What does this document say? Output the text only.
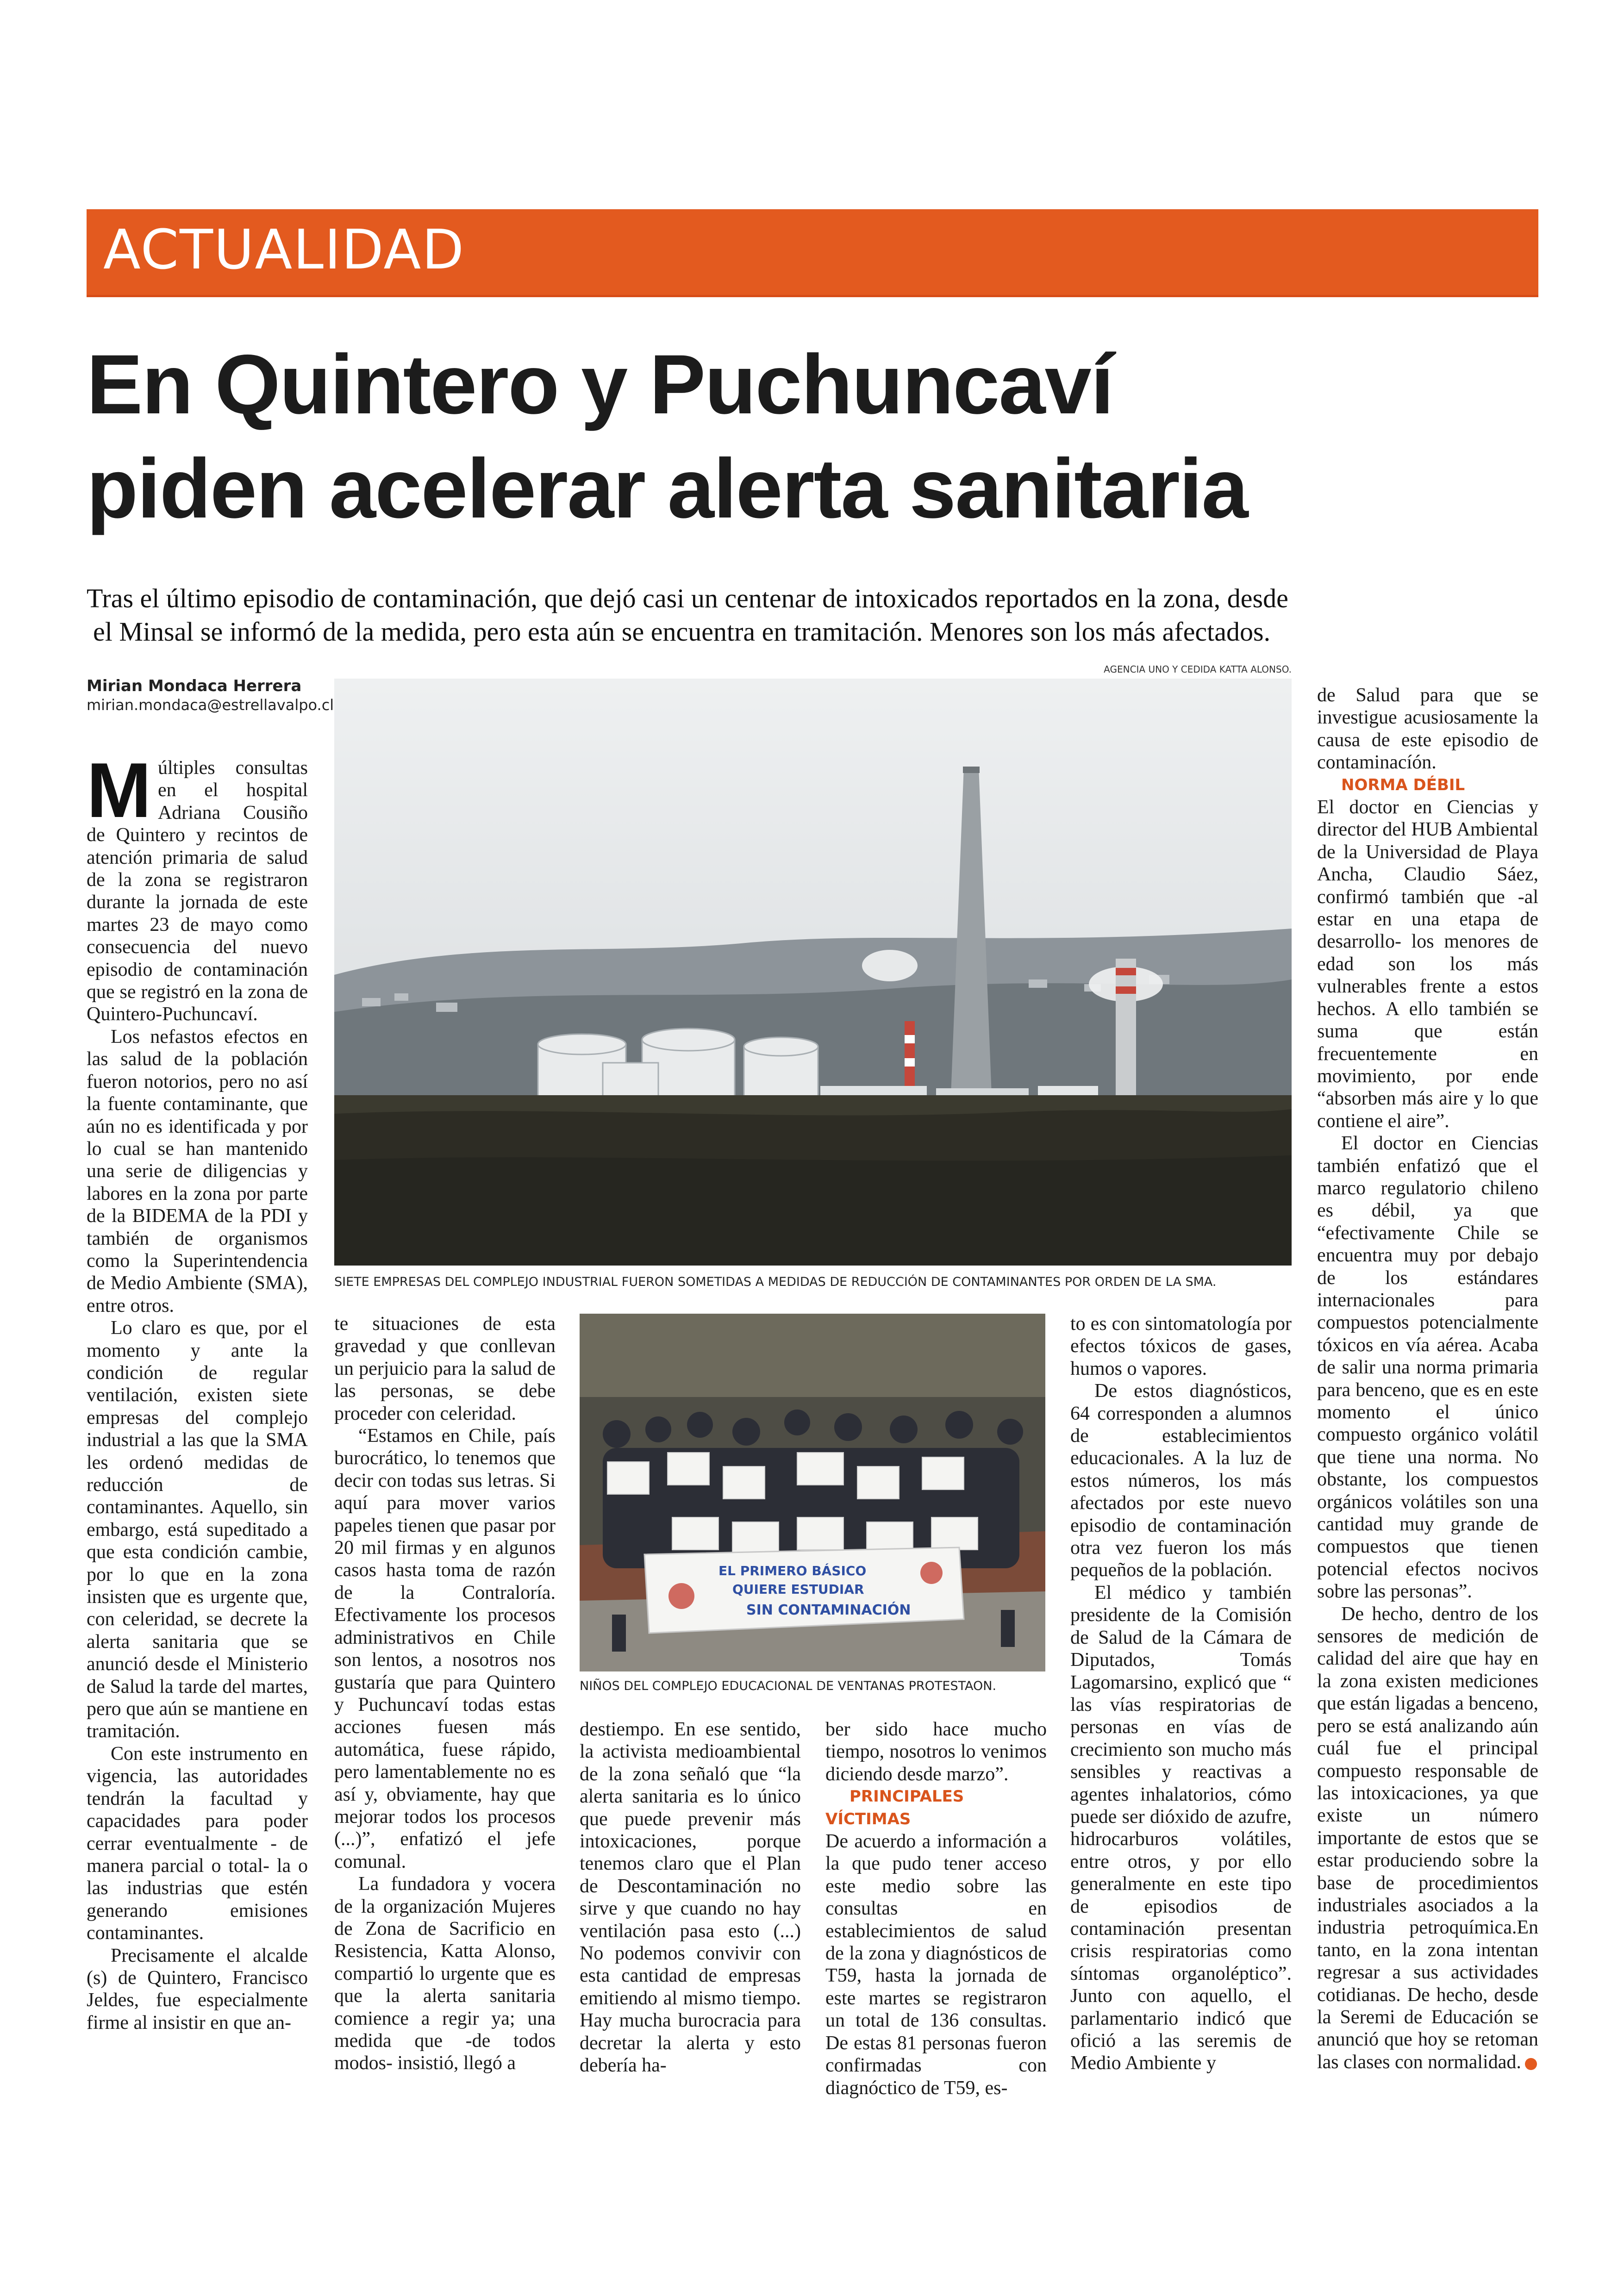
ACTUALIDAD
En Quintero y Puchuncaví
piden acelerar alerta sanitaria

Tras el último episodio de contaminación, que dejó casi un centenar de intoxicados reportados en la zona, desde
el Minsal se informó de la medida, pero esta aún se encuentra en tramitación. Menores son los más afectados.

Mirian Mondaca Herrera
mirian.mondaca@estrellavalpo.cl
AGENCIA UNO Y CEDIDA KATTA ALONSO.
SIETE EMPRESAS DEL COMPLEJO INDUSTRIAL FUERON SOMETIDAS A MEDIDAS DE REDUCCIÓN DE CONTAMINANTES POR ORDEN DE LA SMA.
EL PRIMERO BÁSICO
QUIERE ESTUDIAR
SIN CONTAMINACIÓN
NIÑOS DEL COMPLEJO EDUCACIONAL DE VENTANAS PROTESTAON.

Múltiples consultas en el hospital Adriana Cousiño de Quintero y recintos de atención primaria de salud de la zona se registraron durante la jornada de este martes 23 de mayo como consecuencia del nuevo episodio de contaminación que se registró en la zona de Quintero-Puchuncaví.

Los nefastos efectos en las salud de la población fueron notorios, pero no así la fuente contaminante, que aún no es identificada y por lo cual se han mantenido una serie de diligencias y labores en la zona por parte de la BIDEMA de la PDI y también de organismos como la Superintendencia de Medio Ambiente (SMA), entre otros.

Lo claro es que, por el momento y ante la condición de regular ventilación, existen siete empresas del complejo industrial a las que la SMA les ordenó medidas de reducción de contaminantes. Aquello, sin embargo, está supeditado a que esta condición cambie, por lo que en la zona insisten que es urgente que, con celeridad, se decrete la alerta sanitaria que se anunció desde el Ministerio de Salud la tarde del martes, pero que aún se mantiene en tramitación.

Con este instrumento en vigencia, las autoridades tendrán la facultad y capacidades para poder cerrar eventualmente - de manera parcial o total- la o las industrias que estén generando emisiones contaminantes.

Precisamente el alcalde (s) de Quintero, Francisco Jeldes, fue especialmente firme al insistir en que an-

te situaciones de esta gravedad y que conllevan un perjuicio para la salud de las personas, se debe proceder con celeridad.

“Estamos en Chile, país burocrático, lo tenemos que decir con todas sus letras. Si aquí para mover varios papeles tienen que pasar por 20 mil firmas y en algunos casos hasta toma de razón de la Contraloría. Efectivamente los procesos administrativos en Chile son lentos, a nosotros nos gustaría que para Quintero y Puchuncaví todas estas acciones fuesen más automática, fuese rápido, pero lamentablemente no es así y, obviamente, hay que mejorar todos los procesos (...)”, enfatizó el jefe comunal.

La fundadora y vocera de la organización Mujeres de Zona de Sacrificio en Resistencia, Katta Alonso, compartió lo urgente que es que la alerta sanitaria comience a regir ya; una medida que -de todos modos- insistió, llegó a

destiempo. En ese sentido, la activista medioambiental de la zona señaló que “la alerta sanitaria es lo único que puede prevenir más intoxicaciones, porque tenemos claro que el Plan de Descontaminación no sirve y que cuando no hay ventilación pasa esto (...) No podemos convivir con esta cantidad de empresas emitiendo al mismo tiempo. Hay mucha burocracia para decretar la alerta y esto debería ha-

ber sido hace mucho tiempo, nosotros lo venimos diciendo desde marzo”.

PRINCIPALES VÍCTIMAS

De acuerdo a información a la que pudo tener acceso este medio sobre las consultas en establecimientos de salud de la zona y diagnósticos de T59, hasta la jornada de este martes se registraron un total de 136 consultas. De estas 81 personas fueron confirmadas con diagnóctico de T59, es-

to es con sintomatología por efectos tóxicos de gases, humos o vapores.

De estos diagnósticos, 64 corresponden a alumnos de establecimientos educacionales. A la luz de estos números, los más afectados por este nuevo episodio de contaminación otra vez fueron los más pequeños de la población.

El médico y también presidente de la Comisión de Salud de la Cámara de Diputados, Tomás Lagomarsino, explicó que “ las vías respiratorias de personas en vías de crecimiento son mucho más sensibles y reactivas a agentes inhalatorios, cómo puede ser dióxido de azufre, hidrocarburos volátiles, entre otros, y por ello generalmente en este tipo de episodios de contaminación presentan crisis respiratorias como síntomas organoléptico”. Junto con aquello, el parlamentario indicó que ofició a las seremis de Medio Ambiente y

de Salud para que se investigue acusiosamente la causa de este episodio de contaminacíón.

NORMA DÉBIL

El doctor en Ciencias y director del HUB Ambiental de la Universidad de Playa Ancha, Claudio Sáez, confirmó también que -al estar en una etapa de desarrollo- los menores de edad son los más vulnerables frente a estos hechos. A ello también se suma que están frecuentemente en movimiento, por ende “absorben más aire y lo que contiene el aire”.

El doctor en Ciencias también enfatizó que el marco regulatorio chileno es débil, ya que “efectivamente Chile se encuentra muy por debajo de los estándares internacionales para compuestos potencialmente tóxicos en vía aérea. Acaba de salir una norma primaria para benceno, que es en este momento el único compuesto orgánico volátil que tiene una norma. No obstante, los compuestos orgánicos volátiles son una cantidad muy grande de compuestos que tienen potencial efectos nocivos sobre las personas”.

De hecho, dentro de los sensores de medición de calidad del aire que hay en la zona existen mediciones que están ligadas a benceno, pero se está analizando aún cuál fue el principal compuesto responsable de las intoxicaciones, ya que existe un número importante de estos que se estar produciendo sobre la base de procedimientos industriales asociados a la industria petroquímica.En tanto, en la zona intentan regresar a sus actividades cotidianas. De hecho, desde la Seremi de Educación se anunció que hoy se retoman las clases con normalidad.
